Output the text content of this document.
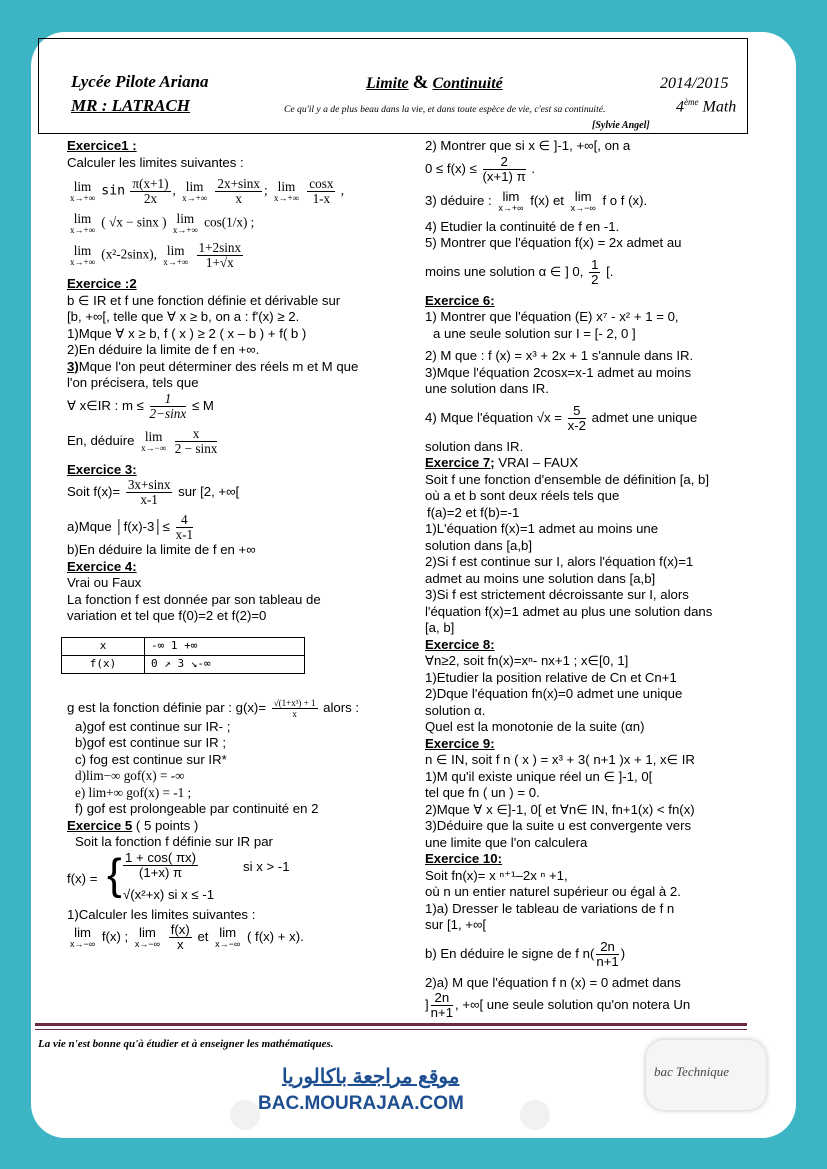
Lycée Pilote Ariana
MR : LATRACH
Limite & Continuité	2014/2015
4ème Math
Ce qu'il y a de plus beau dans la vie, et dans toute espèce de vie, c'est sa continuité.
[Sylvie Angel]

Exercice1 :

Calculer les limites suivantes :

lim
x→+∞ $\sin \frac{\pi(x+1)}{2x}$ , lim
x→+∞
$\frac{2x+\sin x}{x}$ ; lim
x→+∞
$\frac{\cos x}{1-x}$ ,

lim
x→+∞
( √x − sinx ) lim
x→+∞
cos(1/x) ;

lim
x→+∞
(x²-2sinx), lim
x→+∞
$\frac{1+2\sin x}{1+√x}$

Exercice :2

b ∈ IR et f une fonction définie et dérivable sur

[b, +∞[, telle que ∀ x ≥ b, on a : f'(x) ≥ 2.

1)Mque ∀ x ≥ b, f ( x ) ≥ 2 ( x – b ) + f( b )

2)En déduire la limite de f en +∞.

3)Mque l'on peut déterminer des réels m et M que

l'on précisera, tels que

∀ x∈IR : $m \le \frac{1}{2-\sin x} \le M$

En, déduire lim
x→−∞
$\frac{x}{2 - \sin x}$

Exercice 3:

Soit $f(x)= \frac{3x+\sin x}{x-1}$ sur [2, +∞[

a)Mque │f(x)-3│≤ $\frac{4}{x-1}$

b)En déduire la limite de f en +∞

Exercice 4:

Vrai ou Faux

La fonction f est donnée par son tableau de

variation et tel que f(0)=2 et f(2)=0

x	-∞ 1 +∞
f(x)	0 ↗ 3 ↘-∞

g est la fonction définie par : $g(x)= \frac{\text{√(1+x³) + 1}}{x}$ alors :

a)gof est continue sur IR- ;

b)gof est continue sur IR ;

c) fog est continue sur IR*

d)lim−∞ gof(x) = -∞

e) lim+∞ gof(x) = -1 ;

f) gof est prolongeable par continuité en 2

Exercice 5 ( 5 points )

Soit la fonction f définie sur IR par

f(x) = { $\frac{1 + \cos( \pi x)}{(1+x) \pi}$	si x > -1
√(x²+x) si x ≤ -1

1)Calculer les limites suivantes :

lim
x→−∞
f(x) ; lim
x→−∞
$\frac{f(x)}{x}$ et lim
x→−∞
( f(x) + x).

2) Montrer que si x ∈ ]-1, +∞[, on a

$0 \le f(x) \le \frac{2}{(x+1) \pi}$ .

3) déduire : lim
x→+∞
f(x) et lim
x→−∞
f o f (x).

4) Etudier la continuité de f en -1.

5) Montrer que l'équation f(x) = 2x admet au

moins une solution α ∈ ] 0, $\frac{1}{2}$ [.

Exercice 6:

1) Montrer que l'équation (E) x⁷ - x² + 1 = 0,

a une seule solution sur I = [- 2, 0 ]

2) M que : f (x) = x³ + 2x + 1 s'annule dans IR.

3)Mque l'équation 2cosx=x-1 admet au moins

une solution dans IR.

4) Mque l'équation $√x = \frac{5}{x-2}$ admet une unique

solution dans IR.

Exercice 7; VRAI – FAUX

Soit f une fonction d'ensemble de définition [a, b]

où a et b sont deux réels tels que

f(a)=2 et f(b)=-1

1)L'équation f(x)=1 admet au moins une

solution dans [a,b]

2)Si f est continue sur I, alors l'équation f(x)=1

admet au moins une solution dans [a,b]

3)Si f est strictement décroissante sur I, alors

l'équation f(x)=1 admet au plus une solution dans

[a, b]

Exercice 8:

∀n≥2, soit fn(x)=xⁿ- nx+1 ; x∈[0, 1]

1)Etudier la position relative de Cn et Cn+1

2)Dque l'équation fn(x)=0 admet une unique

solution α.

Quel est la monotonie de la suite (αn)

Exercice 9:

n ∈ IN, soit f n ( x ) = x³ + 3( n+1 )x + 1, x∈ IR

1)M qu'il existe unique réel un ∈ ]-1, 0[

tel que fn ( un ) = 0.

2)Mque ∀ x ∈]-1, 0[ et ∀n∈ IN, fn+1(x) < fn(x)

3)Déduire que la suite u est convergente vers

une limite que l'on calculera

Exercice 10:

Soit fn(x)= x ⁿ⁺¹–2x ⁿ +1,

où n un entier naturel supérieur ou égal à 2.

1)a) Dresser le tableau de variations de f n

sur [1, +∞[

b) En déduire le signe de f $n( \frac{2n}{n+1}$ )

2)a) M que l'équation f n (x) = 0 admet dans

] $\frac{2n}{n+1}$ , +∞[ une seule solution qu'on notera Un

La vie n'est bonne qu'à étudier et à enseigner les mathématiques.
موقع مراجعة باكالوريا
BAC.MOURAJAA.COM
bac Technique
